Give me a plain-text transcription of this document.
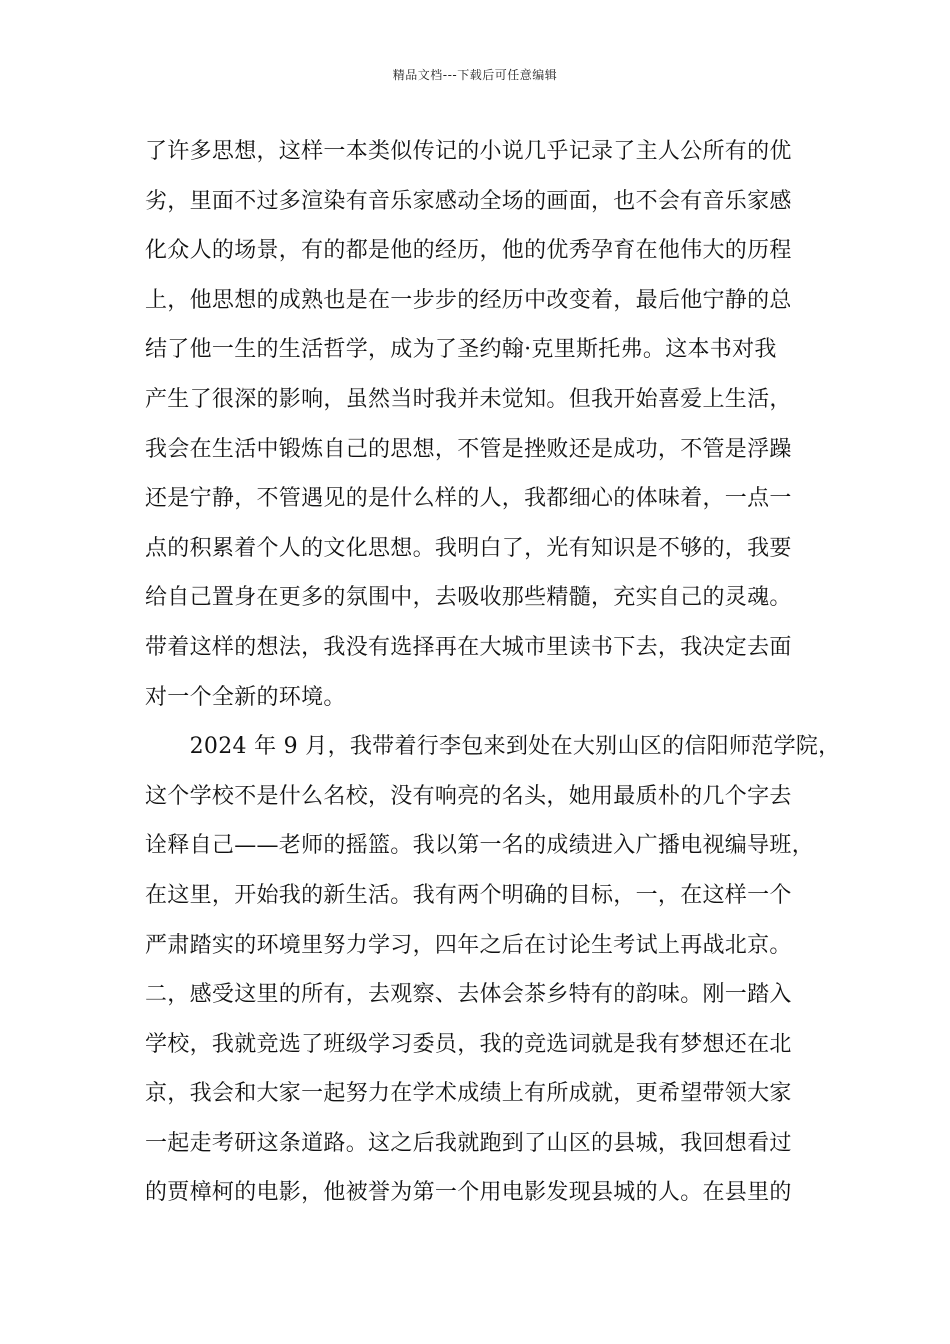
精品文档---下载后可任意编辑
了许多思想，这样一本类似传记的小说几乎记录了主人公所有的优
劣，里面不过多渲染有音乐家感动全场的画面，也不会有音乐家感
化众人的场景，有的都是他的经历，他的优秀孕育在他伟大的历程
上，他思想的成熟也是在一步步的经历中改变着，最后他宁静的总
结了他一生的生活哲学，成为了圣约翰·克里斯托弗。这本书对我
产生了很深的影响，虽然当时我并未觉知。但我开始喜爱上生活，
我会在生活中锻炼自己的思想，不管是挫败还是成功，不管是浮躁
还是宁静，不管遇见的是什么样的人，我都细心的体味着，一点一
点的积累着个人的文化思想。我明白了，光有知识是不够的，我要
给自己置身在更多的氛围中，去吸收那些精髓，充实自己的灵魂。
带着这样的想法，我没有选择再在大城市里读书下去，我决定去面
对一个全新的环境。
　　2024 年 9 月，我带着行李包来到处在大别山区的信阳师范学院，
这个学校不是什么名校，没有响亮的名头，她用最质朴的几个字去
诠释自己——老师的摇篮。我以第一名的成绩进入广播电视编导班，
在这里，开始我的新生活。我有两个明确的目标，一，在这样一个
严肃踏实的环境里努力学习，四年之后在讨论生考试上再战北京。
二，感受这里的所有，去观察、去体会茶乡特有的韵味。刚一踏入
学校，我就竞选了班级学习委员，我的竞选词就是我有梦想还在北
京，我会和大家一起努力在学术成绩上有所成就，更希望带领大家
一起走考研这条道路。这之后我就跑到了山区的县城，我回想看过
的贾樟柯的电影，他被誉为第一个用电影发现县城的人。在县里的
